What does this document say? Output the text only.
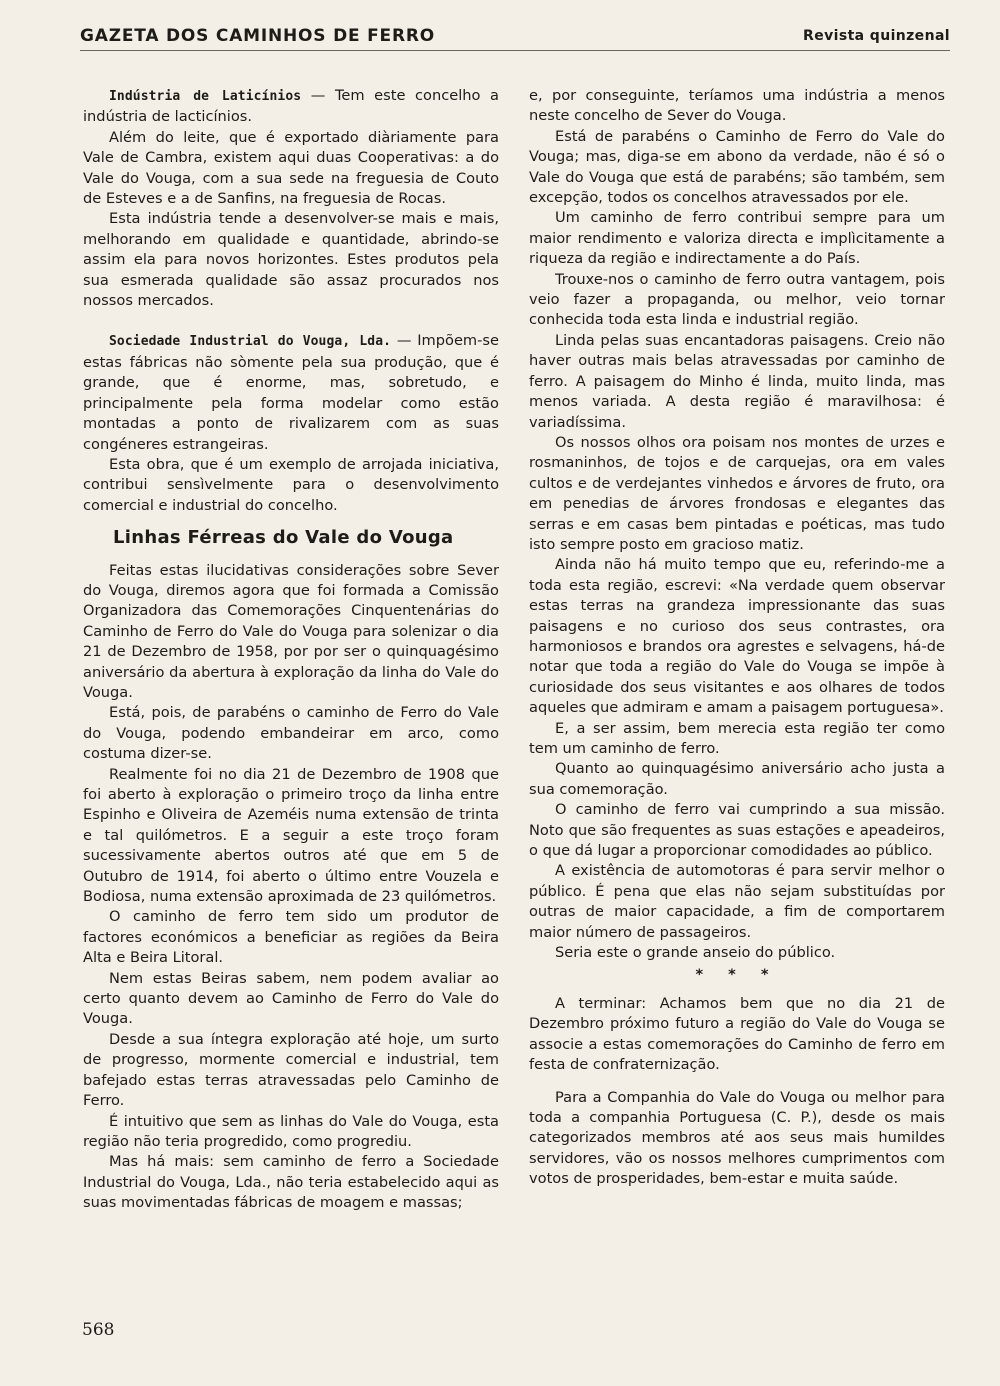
GAZETA DOS CAMINHOS DE FERRO	Revista quinzenal

Indústria de Laticínios — Tem este concelho a indústria de lacticínios.

Além do leite, que é exportado diàriamente para Vale de Cambra, existem aqui duas Cooperativas: a do Vale do Vouga, com a sua sede na freguesia de Couto de Esteves e a de Sanfins, na freguesia de Rocas.

Esta indústria tende a desenvolver-se mais e mais, melhorando em qualidade e quantidade, abrindo-se assim ela para novos horizontes. Estes produtos pela sua esmerada qualidade são assaz procurados nos nossos mercados.

Sociedade Industrial do Vouga, Lda. — Impõem-se estas fábricas não sòmente pela sua produção, que é grande, que é enorme, mas, sobretudo, e principalmente pela forma modelar como estão montadas a ponto de rivalizarem com as suas congéneres estrangeiras.

Esta obra, que é um exemplo de arrojada iniciativa, contribui sensìvelmente para o desenvolvimento comercial e industrial do concelho.

Linhas Férreas do Vale do Vouga

Feitas estas ilucidativas considerações sobre Sever do Vouga, diremos agora que foi formada a Comissão Organizadora das Comemorações Cinquentenárias do Caminho de Ferro do Vale do Vouga para solenizar o dia 21 de Dezembro de 1958, por por ser o quinquagésimo aniversário da abertura à exploração da linha do Vale do Vouga.

Está, pois, de parabéns o caminho de Ferro do Vale do Vouga, podendo embandeirar em arco, como costuma dizer-se.

Realmente foi no dia 21 de Dezembro de 1908 que foi aberto à exploração o primeiro troço da linha entre Espinho e Oliveira de Azeméis numa extensão de trinta e tal quilómetros. E a seguir a este troço foram sucessivamente abertos outros até que em 5 de Outubro de 1914, foi aberto o último entre Vouzela e Bodiosa, numa extensão aproximada de 23 quilómetros.

O caminho de ferro tem sido um produtor de factores económicos a beneficiar as regiões da Beira Alta e Beira Litoral.

Nem estas Beiras sabem, nem podem avaliar ao certo quanto devem ao Caminho de Ferro do Vale do Vouga.

Desde a sua íntegra exploração até hoje, um surto de progresso, mormente comercial e industrial, tem bafejado estas terras atravessadas pelo Caminho de Ferro.

É intuitivo que sem as linhas do Vale do Vouga, esta região não teria progredido, como progrediu.

Mas há mais: sem caminho de ferro a Sociedade Industrial do Vouga, Lda., não teria estabelecido aqui as suas movimentadas fábricas de moagem e massas;

e, por conseguinte, teríamos uma indústria a menos neste concelho de Sever do Vouga.

Está de parabéns o Caminho de Ferro do Vale do Vouga; mas, diga-se em abono da verdade, não é só o Vale do Vouga que está de parabéns; são também, sem excepção, todos os concelhos atravessados por ele.

Um caminho de ferro contribui sempre para um maior rendimento e valoriza directa e implìcitamente a riqueza da região e indirectamente a do País.

Trouxe-nos o caminho de ferro outra vantagem, pois veio fazer a propaganda, ou melhor, veio tornar conhecida toda esta linda e industrial região.

Linda pelas suas encantadoras paisagens. Creio não haver outras mais belas atravessadas por caminho de ferro. A paisagem do Minho é linda, muito linda, mas menos variada. A desta região é maravilhosa: é variadíssima.

Os nossos olhos ora poisam nos montes de urzes e rosmaninhos, de tojos e de carquejas, ora em vales cultos e de verdejantes vinhedos e árvores de fruto, ora em penedias de árvores frondosas e elegantes das serras e em casas bem pintadas e poéticas, mas tudo isto sempre posto em gracioso matiz.

Ainda não há muito tempo que eu, referindo-me a toda esta região, escrevi: «Na verdade quem observar estas terras na grandeza impressionante das suas paisagens e no curioso dos seus contrastes, ora harmoniosos e brandos ora agrestes e selvagens, há-de notar que toda a região do Vale do Vouga se impõe à curiosidade dos seus visitantes e aos olhares de todos aqueles que admiram e amam a paisagem portuguesa».

E, a ser assim, bem merecia esta região ter como tem um caminho de ferro.

Quanto ao quinquagésimo aniversário acho justa a sua comemoração.

O caminho de ferro vai cumprindo a sua missão. Noto que são frequentes as suas estações e apeadeiros, o que dá lugar a proporcionar comodidades ao público.

A existência de automotoras é para servir melhor o público. É pena que elas não sejam substituídas por outras de maior capacidade, a fim de comportarem maior número de passageiros.

Seria este o grande anseio do público.

* * *

A terminar: Achamos bem que no dia 21 de Dezembro próximo futuro a região do Vale do Vouga se associe a estas comemorações do Caminho de ferro em festa de confraternização.

Para a Companhia do Vale do Vouga ou melhor para toda a companhia Portuguesa (C. P.), desde os mais categorizados membros até aos seus mais humildes servidores, vão os nossos melhores cumprimentos com votos de prosperidades, bem-estar e muita saúde.

568
